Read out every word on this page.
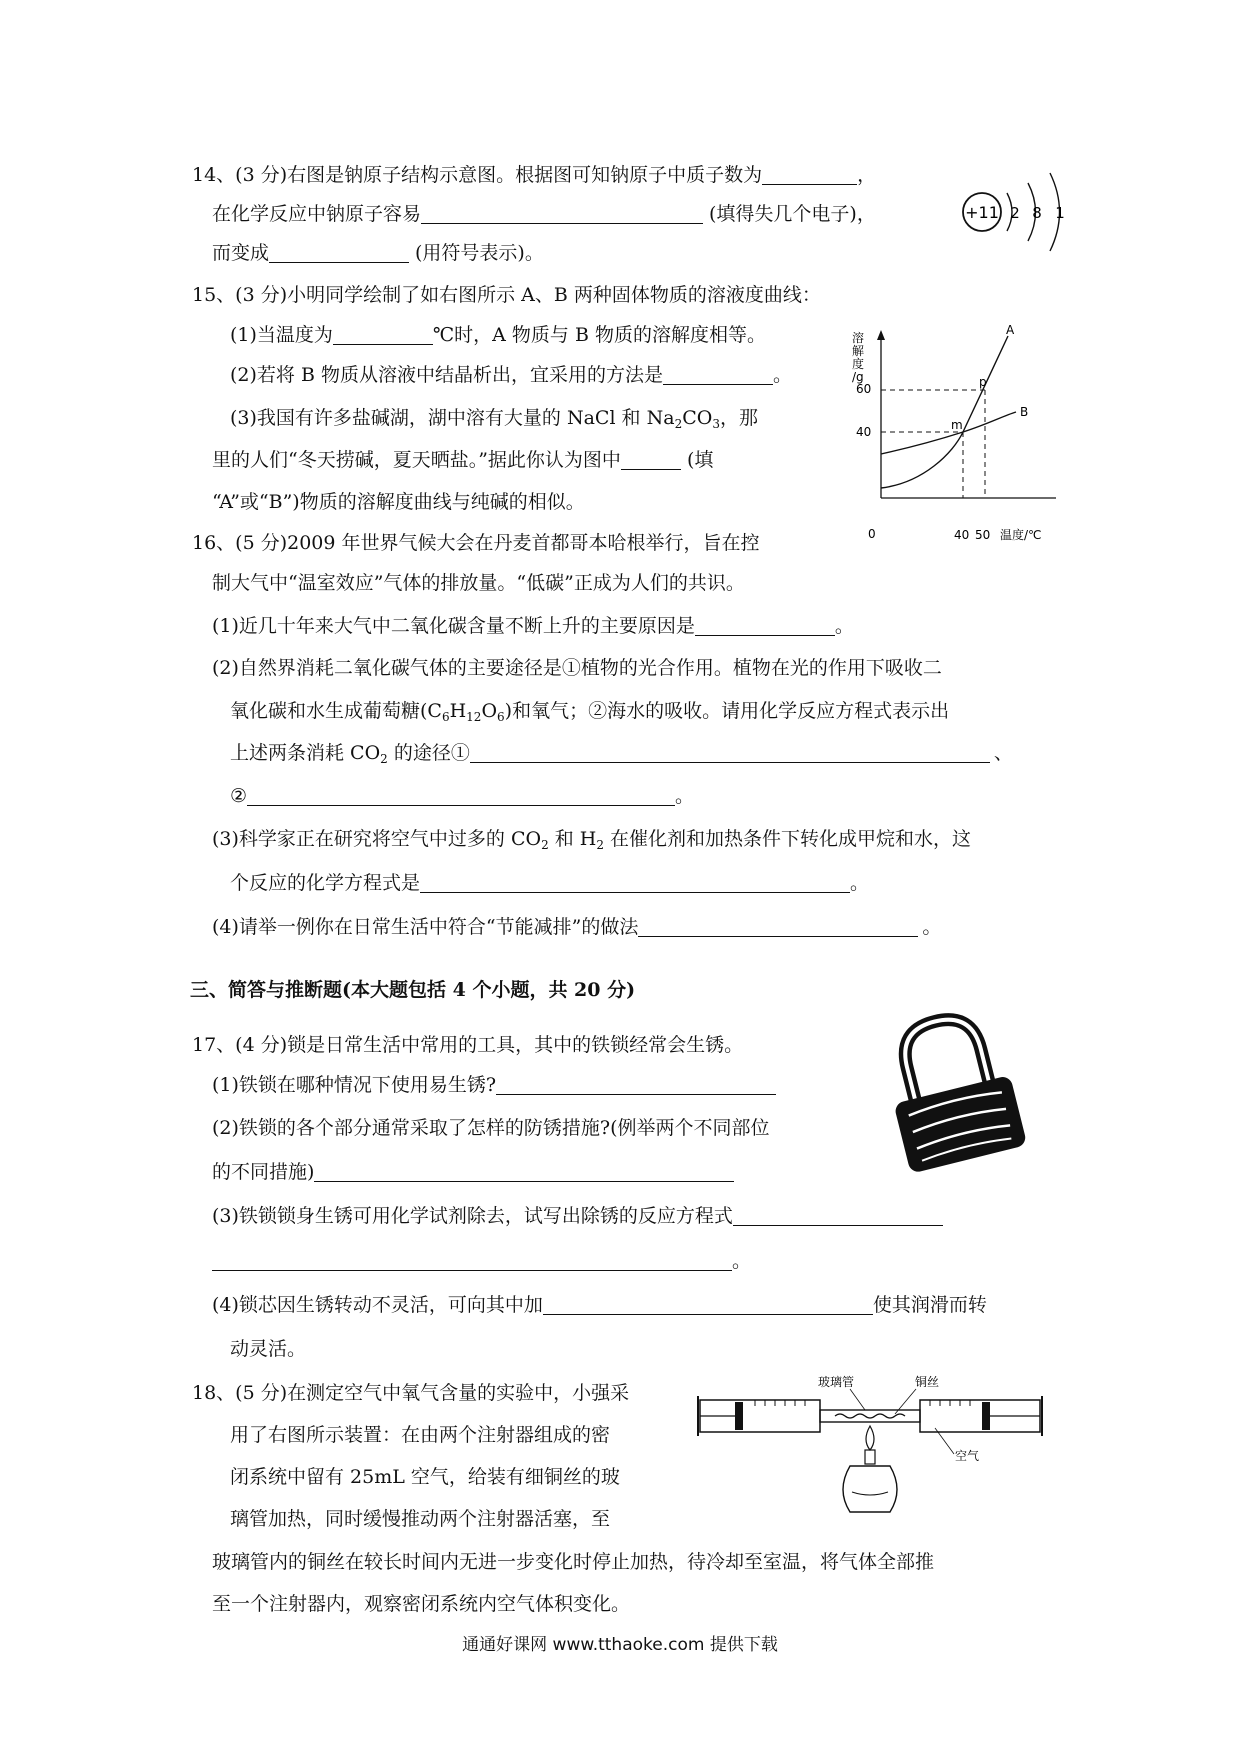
14、(3 分)右图是钠原子结构示意图。根据图可知钠原子中质子数为	，
在化学反应中钠原子容易	(填得失几个电子)，
而变成	(用符号表示)。
+11 2 8 1
15、(3 分)小明同学绘制了如右图所示 A、B 两种固体物质的溶液度曲线：
(1)当温度为	℃时，A 物质与 B 物质的溶解度相等。
(2)若将 B 物质从溶液中结晶析出，宜采用的方法是	。
(3)我国有许多盐碱湖，湖中溶有大量的 NaCl 和 $Na_2CO_3$，那
里的人们“冬天捞碱，夏天晒盐。”据此你认为图中	(填
“A”或“B”)物质的溶解度曲线与纯碱的相似。
溶 解 度 /g
60
40
0	40 50 温度/℃
A
B
m
p
16、(5 分)2009 年世界气候大会在丹麦首都哥本哈根举行，旨在控
制大气中“温室效应”气体的排放量。“低碳”正成为人们的共识。
(1)近几十年来大气中二氧化碳含量不断上升的主要原因是	。
(2)自然界消耗二氧化碳气体的主要途径是①植物的光合作用。植物在光的作用下吸收二
氧化碳和水生成葡萄糖$(C_6H_{12}O_6)$和氧气；②海水的吸收。请用化学反应方程式表示出
上述两条消耗 $CO_2$ 的途径①	、
②	。
(3)科学家正在研究将空气中过多的 $CO_2$ 和 $H_2$ 在催化剂和加热条件下转化成甲烷和水，这
个反应的化学方程式是	。
(4)请举一例你在日常生活中符合“节能减排”的做法	。
三、简答与推断题(本大题包括 4 个小题，共 20 分)
17、(4 分)锁是日常生活中常用的工具，其中的铁锁经常会生锈。
(1)铁锁在哪种情况下使用易生锈?
(2)铁锁的各个部分通常采取了怎样的防锈措施?(例举两个不同部位
的不同措施)
(3)铁锁锁身生锈可用化学试剂除去，试写出除锈的反应方程式
。
(4)锁芯因生锈转动不灵活，可向其中加	使其润滑而转
动灵活。
18、(5 分)在测定空气中氧气含量的实验中，小强采
用了右图所示装置：在由两个注射器组成的密
闭系统中留有 25mL 空气，给装有细铜丝的玻
璃管加热，同时缓慢推动两个注射器活塞，至
玻璃管内的铜丝在较长时间内无进一步变化时停止加热，待冷却至室温，将气体全部推
至一个注射器内，观察密闭系统内空气体积变化。
玻璃管	铜丝
空气
通通好课网 www.tthaoke.com 提供下载
